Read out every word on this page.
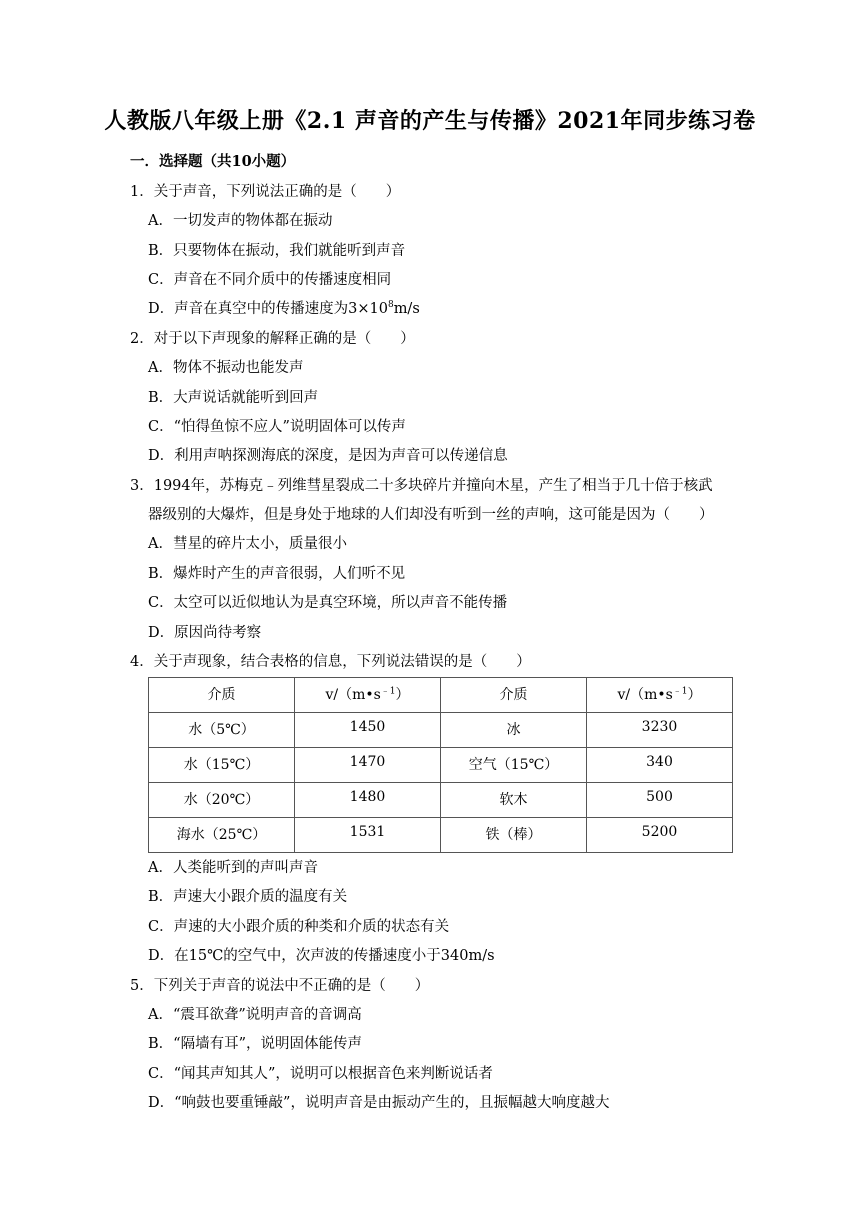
人教版八年级上册《2.1 声音的产生与传播》2021年同步练习卷
一．选择题（共10小题）
1．关于声音，下列说法正确的是（　　）
A．一切发声的物体都在振动
B．只要物体在振动，我们就能听到声音
C．声音在不同介质中的传播速度相同
D．声音在真空中的传播速度为$3\times 10^8m/s$
2．对于以下声现象的解释正确的是（　　）
A．物体不振动也能发声
B．大声说话就能听到回声
C．“怕得鱼惊不应人”说明固体可以传声
D．利用声呐探测海底的深度，是因为声音可以传递信息
3．1994年，苏梅克﹣列维彗星裂成二十多块碎片并撞向木星，产生了相当于几十倍于核武
器级别的大爆炸，但是身处于地球的人们却没有听到一丝的声响，这可能是因为（　　）
A．彗星的碎片太小，质量很小
B．爆炸时产生的声音很弱，人们听不见
C．太空可以近似地认为是真空环境，所以声音不能传播
D．原因尚待考察
4．关于声现象，结合表格的信息，下列说法错误的是（　　）
介质	$v/(m•s^{﹣1})$	介质	$v/(m•s^{﹣1})$
水（5℃）	1450	冰	3230
水（15℃）	1470	空气（15℃）	340
水（20℃）	1480	软木	500
海水（25℃）	1531	铁（棒）	5200
A．人类能听到的声叫声音
B．声速大小跟介质的温度有关
C．声速的大小跟介质的种类和介质的状态有关
D．在15℃的空气中，次声波的传播速度小于340m/s
5．下列关于声音的说法中不正确的是（　　）
A．“震耳欲聋”说明声音的音调高
B．“隔墙有耳”，说明固体能传声
C．“闻其声知其人”，说明可以根据音色来判断说话者
D．“响鼓也要重锤敲”，说明声音是由振动产生的，且振幅越大响度越大
